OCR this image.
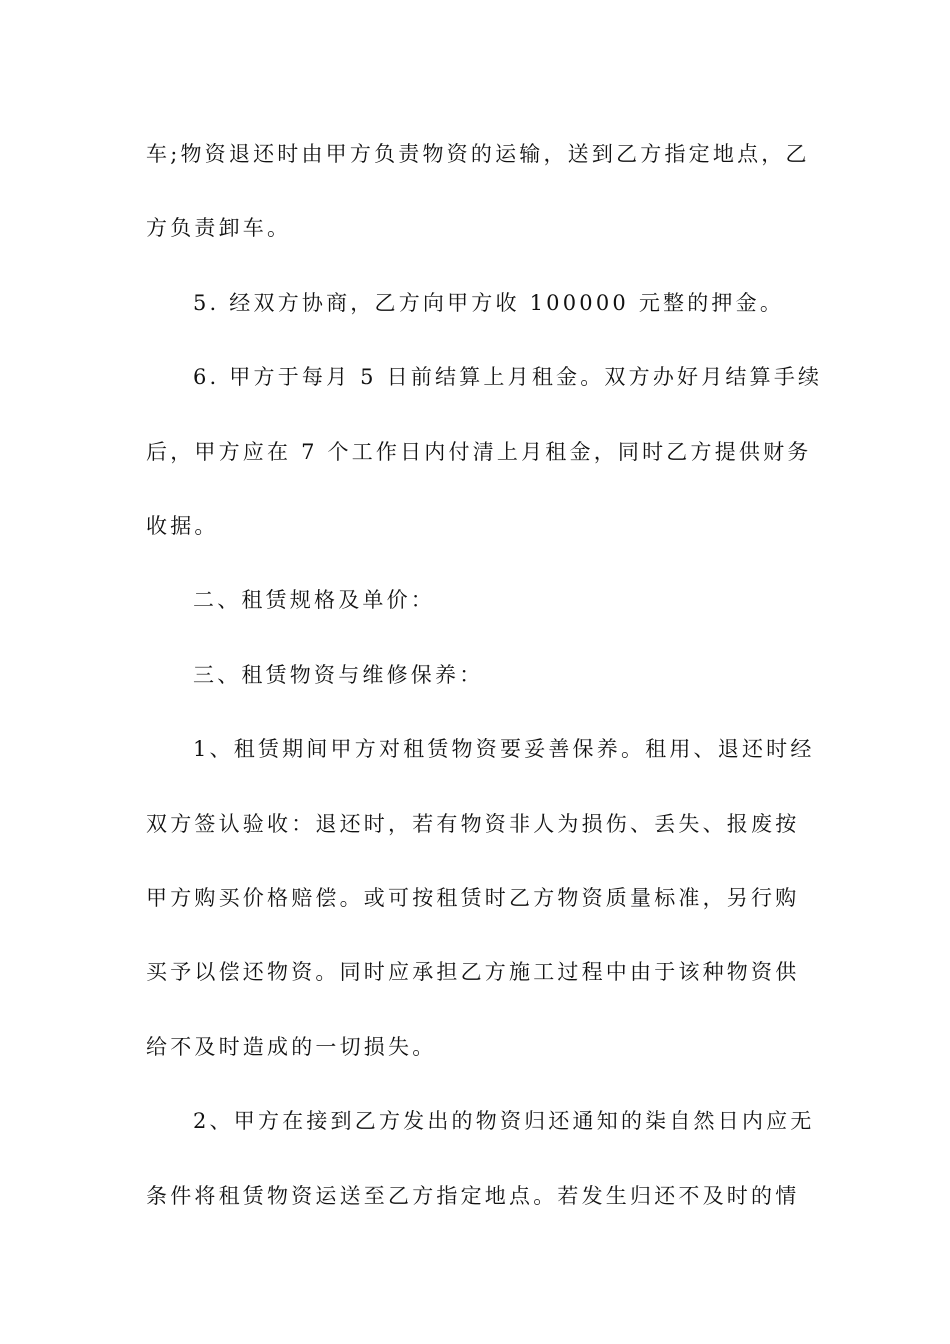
车;物资退还时由甲方负责物资的运输，送到乙方指定地点，乙
方负责卸车。
5. 经双方协商，乙方向甲方收 100000 元整的押金。
6. 甲方于每月 5 日前结算上月租金。双方办好月结算手续
后，甲方应在 7 个工作日内付清上月租金，同时乙方提供财务
收据。
二、租赁规格及单价：
三、租赁物资与维修保养：
1、租赁期间甲方对租赁物资要妥善保养。租用、退还时经
双方签认验收：退还时，若有物资非人为损伤、丢失、报废按
甲方购买价格赔偿。或可按租赁时乙方物资质量标准，另行购
买予以偿还物资。同时应承担乙方施工过程中由于该种物资供
给不及时造成的一切损失。
2、甲方在接到乙方发出的物资归还通知的柒自然日内应无
条件将租赁物资运送至乙方指定地点。若发生归还不及时的情
